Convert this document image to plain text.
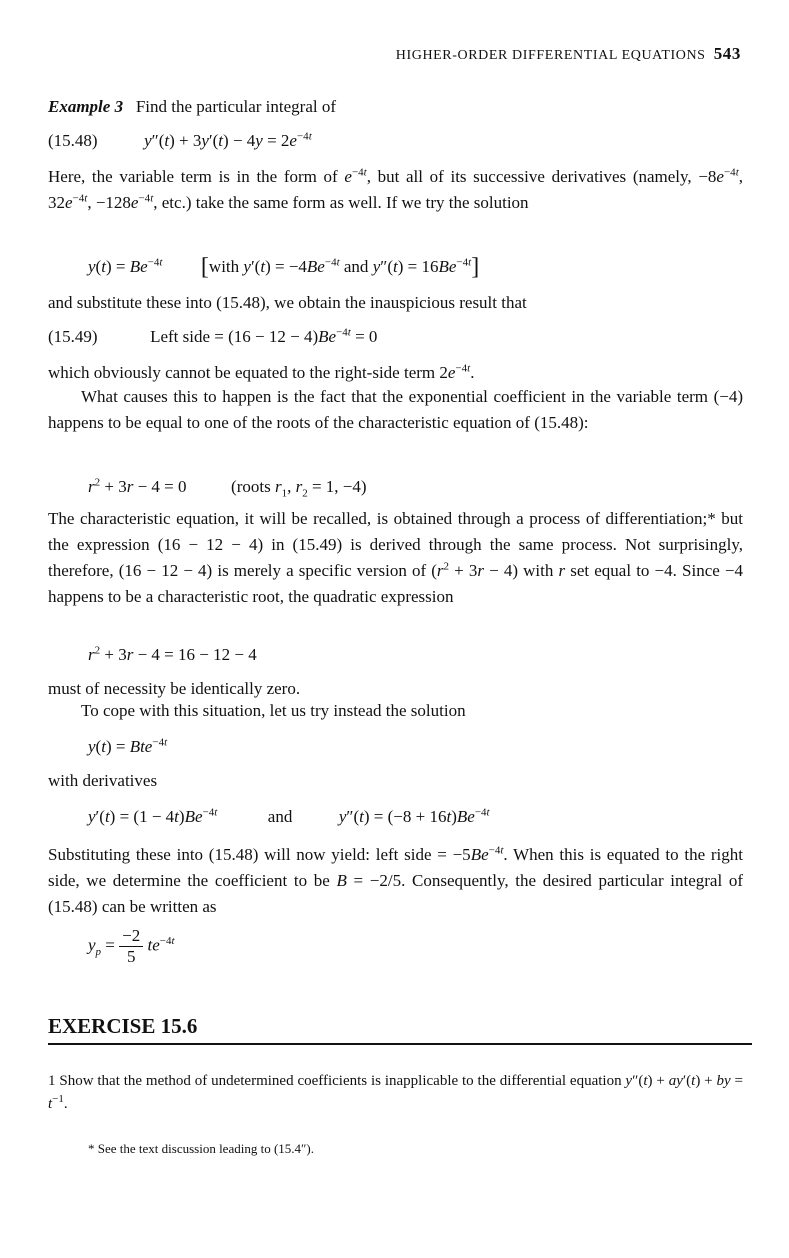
HIGHER-ORDER DIFFERENTIAL EQUATIONS 543
Example 3 Find the particular integral of
(15.48)	$y''(t) + 3y'(t) - 4y = 2e^{-4t}$
Here, the variable term is in the form of $e^{-4t}$, but all of its successive derivatives (namely, $-8e^{-4t}$, $32e^{-4t}$, $-128e^{-4t}$, etc.) take the same form as well. If we try the solution
$y(t) = Be^{-4t}$ [with $y'(t) = -4Be^{-4t}$ and $y''(t) = 16Be^{-4t}$]
and substitute these into (15.48), we obtain the inauspicious result that
(15.49)	Left side = $(16 - 12 - 4)Be^{-4t} = 0$
which obviously cannot be equated to the right-side term $2e^{-4t}$.
What causes this to happen is the fact that the exponential coefficient in the variable term (−4) happens to be equal to one of the roots of the characteristic equation of (15.48):
$r^2 + 3r - 4 = 0$  (roots $r_1$, $r_2 = 1$, −4)
The characteristic equation, it will be recalled, is obtained through a process of differentiation;* but the expression (16 − 12 − 4) in (15.49) is derived through the same process. Not surprisingly, therefore, (16 − 12 − 4) is merely a specific version of $(r^2 + 3r - 4)$ with r set equal to −4. Since −4 happens to be a characteristic root, the quadratic expression
$r^2 + 3r - 4 = 16 - 12 - 4$
must of necessity be identically zero.
To cope with this situation, let us try instead the solution
y(t) = Bte$^{-4t}$
with derivatives
$y'(t) = (1 - 4t)Be^{-4t}$	and	$y''(t) = (-8 + 16t)Be^{-4t}$
Substituting these into (15.48) will now yield: left side = $-5Be^{-4t}$. When this is equated to the right side, we determine the coefficient to be B = −2/5. Consequently, the desired particular integral of (15.48) can be written as
$y_p = \frac{-2}{5} te^{-4t}$
EXERCISE 15.6
1 Show that the method of undetermined coefficients is inapplicable to the differential equation y″(t) + ay′(t) + by = $t^{-1}$.
* See the text discussion leading to (15.4″).
